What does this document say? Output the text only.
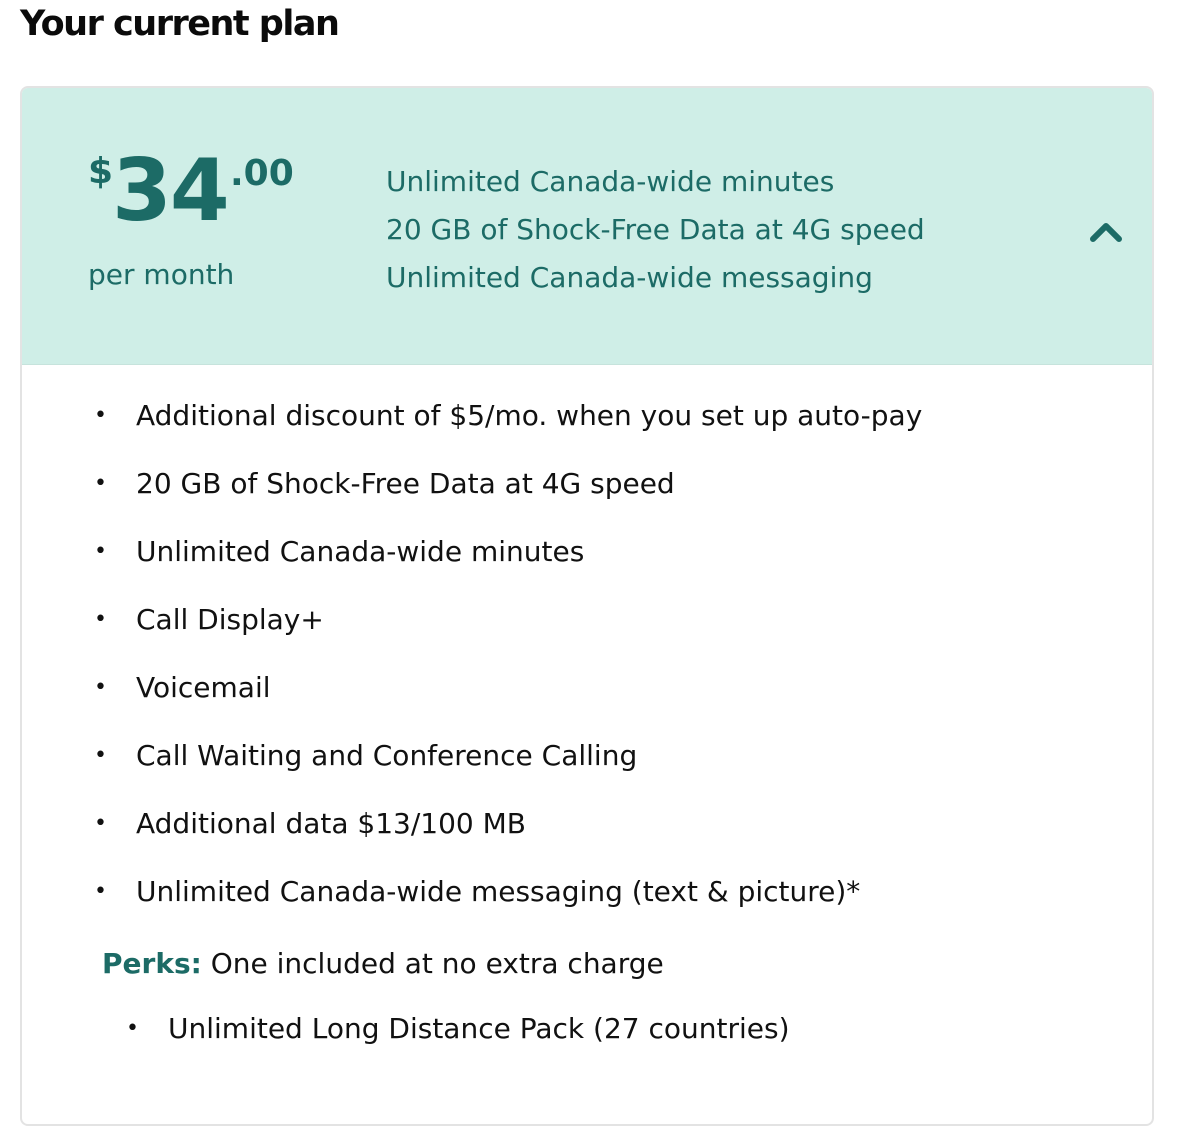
Your current plan
$
34 .00
per month
Unlimited Canada-wide minutes
20 GB of Shock-Free Data at 4G speed
Unlimited Canada-wide messaging
• Additional discount of $5/mo. when you set up auto-pay
• 20 GB of Shock-Free Data at 4G speed
• Unlimited Canada-wide minutes
• Call Display+
• Voicemail
• Call Waiting and Conference Calling
• Additional data $13/100 MB
• Unlimited Canada-wide messaging (text & picture)*
Perks: One included at no extra charge
• Unlimited Long Distance Pack (27 countries)
